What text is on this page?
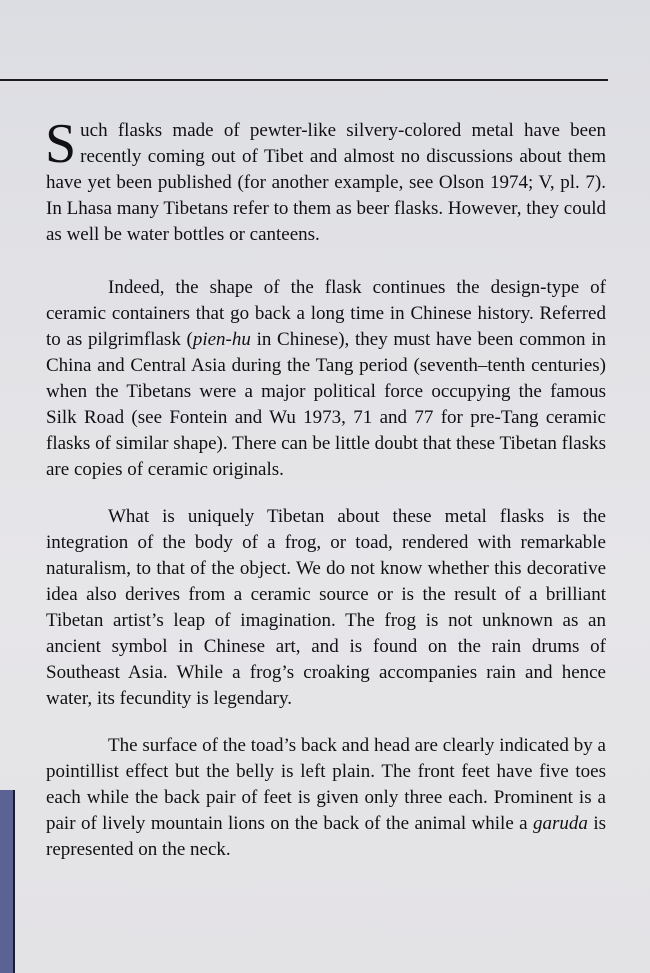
Such flasks made of pewter-like silvery-colored metal have been recently coming out of Tibet and almost no discussions about them have yet been published (for another example, see Olson 1974; V, pl. 7). In Lhasa many Tibetans refer to them as beer flasks. However, they could as well be water bottles or canteens.

Indeed, the shape of the flask continues the design-type of ceramic containers that go back a long time in Chinese history. Referred to as pilgrimflask (pien-hu in Chinese), they must have been common in China and Central Asia during the Tang period (seventh–tenth centuries) when the Tibetans were a major political force occupying the famous Silk Road (see Fontein and Wu 1973, 71 and 77 for pre-Tang ceramic flasks of similar shape). There can be little doubt that these Tibetan flasks are copies of ceramic originals.

What is uniquely Tibetan about these metal flasks is the integration of the body of a frog, or toad, rendered with remarkable naturalism, to that of the object. We do not know whether this decorative idea also derives from a ceramic source or is the result of a brilliant Tibetan artist’s leap of imagination. The frog is not unknown as an ancient symbol in Chinese art, and is found on the rain drums of Southeast Asia. While a frog’s croaking accompanies rain and hence water, its fecundity is legendary.

The surface of the toad’s back and head are clearly indicated by a pointillist effect but the belly is left plain. The front feet have five toes each while the back pair of feet is given only three each. Prominent is a pair of lively mountain lions on the back of the animal while a garuda is represented on the neck.
